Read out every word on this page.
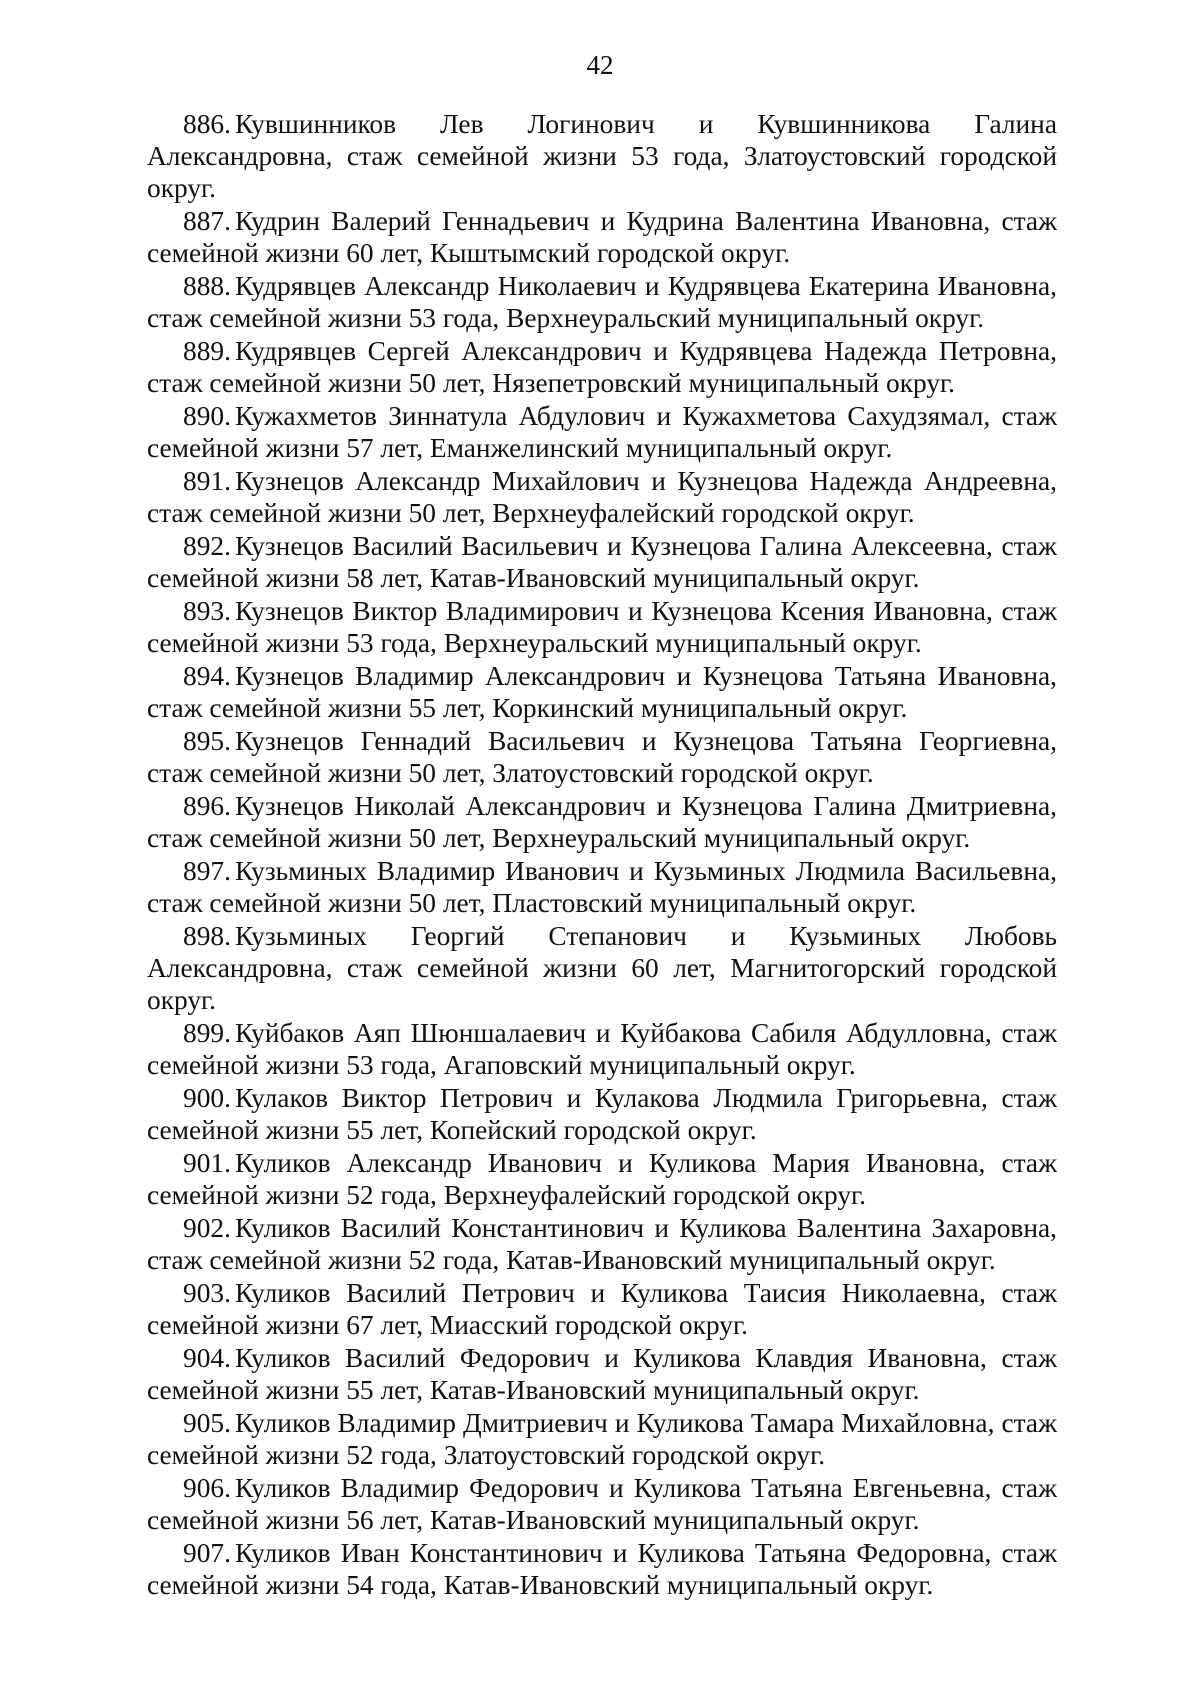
42

886. Кувшинников Лев Логинович и Кувшинникова Галина Александровна, стаж семейной жизни 53 года, Златоустовский городской округ.

887. Кудрин Валерий Геннадьевич и Кудрина Валентина Ивановна, стаж семейной жизни 60 лет, Кыштымский городской округ.

888. Кудрявцев Александр Николаевич и Кудрявцева Екатерина Ивановна, стаж семейной жизни 53 года, Верхнеуральский муниципальный округ.

889. Кудрявцев Сергей Александрович и Кудрявцева Надежда Петровна, стаж семейной жизни 50 лет, Нязепетровский муниципальный округ.

890. Кужахметов Зиннатула Абдулович и Кужахметова Сахудзямал, стаж семейной жизни 57 лет, Еманжелинский муниципальный округ.

891. Кузнецов Александр Михайлович и Кузнецова Надежда Андреевна, стаж семейной жизни 50 лет, Верхнеуфалейский городской округ.

892. Кузнецов Василий Васильевич и Кузнецова Галина Алексеевна, стаж семейной жизни 58 лет, Катав-Ивановский муниципальный округ.

893. Кузнецов Виктор Владимирович и Кузнецова Ксения Ивановна, стаж семейной жизни 53 года, Верхнеуральский муниципальный округ.

894. Кузнецов Владимир Александрович и Кузнецова Татьяна Ивановна, стаж семейной жизни 55 лет, Коркинский муниципальный округ.

895. Кузнецов Геннадий Васильевич и Кузнецова Татьяна Георгиевна, стаж семейной жизни 50 лет, Златоустовский городской округ.

896. Кузнецов Николай Александрович и Кузнецова Галина Дмитриевна, стаж семейной жизни 50 лет, Верхнеуральский муниципальный округ.

897. Кузьминых Владимир Иванович и Кузьминых Людмила Васильевна, стаж семейной жизни 50 лет, Пластовский муниципальный округ.

898. Кузьминых Георгий Степанович и Кузьминых Любовь Александровна, стаж семейной жизни 60 лет, Магнитогорский городской округ.

899. Куйбаков Аяп Шюншалаевич и Куйбакова Сабиля Абдулловна, стаж семейной жизни 53 года, Агаповский муниципальный округ.

900. Кулаков Виктор Петрович и Кулакова Людмила Григорьевна, стаж семейной жизни 55 лет, Копейский городской округ.

901. Куликов Александр Иванович и Куликова Мария Ивановна, стаж семейной жизни 52 года, Верхнеуфалейский городской округ.

902. Куликов Василий Константинович и Куликова Валентина Захаровна, стаж семейной жизни 52 года, Катав-Ивановский муниципальный округ.

903. Куликов Василий Петрович и Куликова Таисия Николаевна, стаж семейной жизни 67 лет, Миасский городской округ.

904. Куликов Василий Федорович и Куликова Клавдия Ивановна, стаж семейной жизни 55 лет, Катав-Ивановский муниципальный округ.

905. Куликов Владимир Дмитриевич и Куликова Тамара Михайловна, стаж семейной жизни 52 года, Златоустовский городской округ.

906. Куликов Владимир Федорович и Куликова Татьяна Евгеньевна, стаж семейной жизни 56 лет, Катав-Ивановский муниципальный округ.

907. Куликов Иван Константинович и Куликова Татьяна Федоровна, стаж семейной жизни 54 года, Катав-Ивановский муниципальный округ.
